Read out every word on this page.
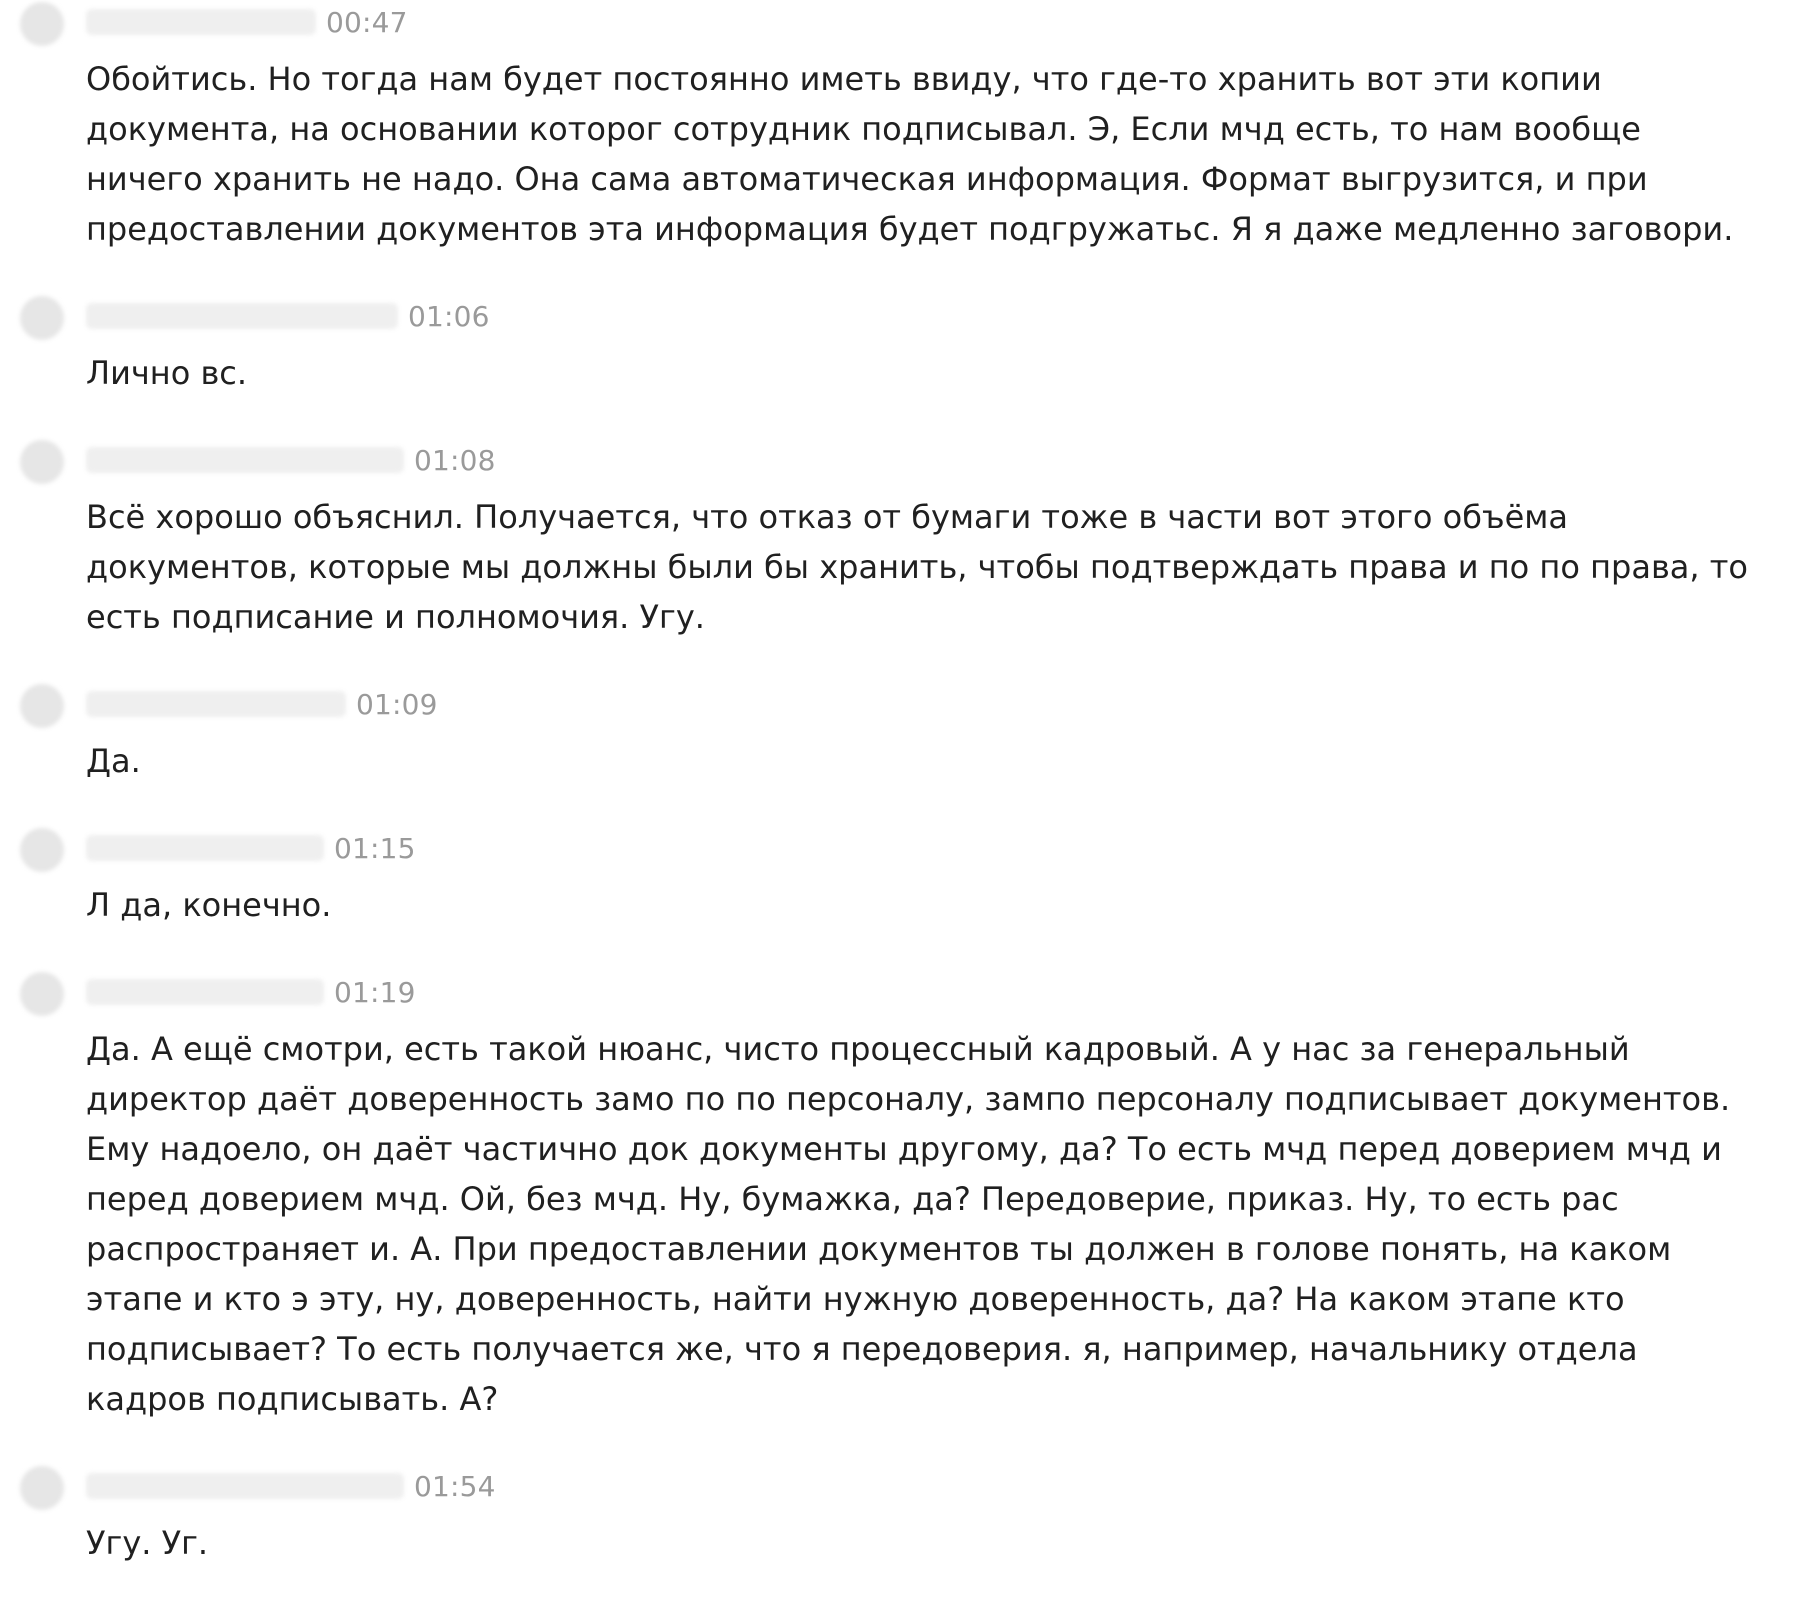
00:47
Обойтись. Но тогда нам будет постоянно иметь ввиду, что где-то хранить вот эти копии документа, на основании которог сотрудник подписывал. Э, Если мчд есть, то нам вообще ничего хранить не надо. Она сама автоматическая информация. Формат выгрузится, и при предоставлении документов эта информация будет подгружатьс. Я я даже медленно заговори.
01:06
Лично вс.
01:08
Всё хорошо объяснил. Получается, что отказ от бумаги тоже в части вот этого объёма документов, которые мы должны были бы хранить, чтобы подтверждать права и по по права, то есть подписание и полномочия. Угу.
01:09
Да.
01:15
Л да, конечно.
01:19
Да. А ещё смотри, есть такой нюанс, чисто процессный кадровый. А у нас за генеральный директор даёт доверенность замо по по персоналу, зампо персоналу подписывает документов. Ему надоело, он даёт частично док документы другому, да? То есть мчд перед доверием мчд и перед доверием мчд. Ой, без мчд. Ну, бумажка, да? Передоверие, приказ. Ну, то есть рас распространяет и. А. При предоставлении документов ты должен в голове понять, на каком этапе и кто э эту, ну, доверенность, найти нужную доверенность, да? На каком этапе кто подписывает? То есть получается же, что я передоверия. я, например, начальнику отдела кадров подписывать. А?
01:54
Угу. Уг.
